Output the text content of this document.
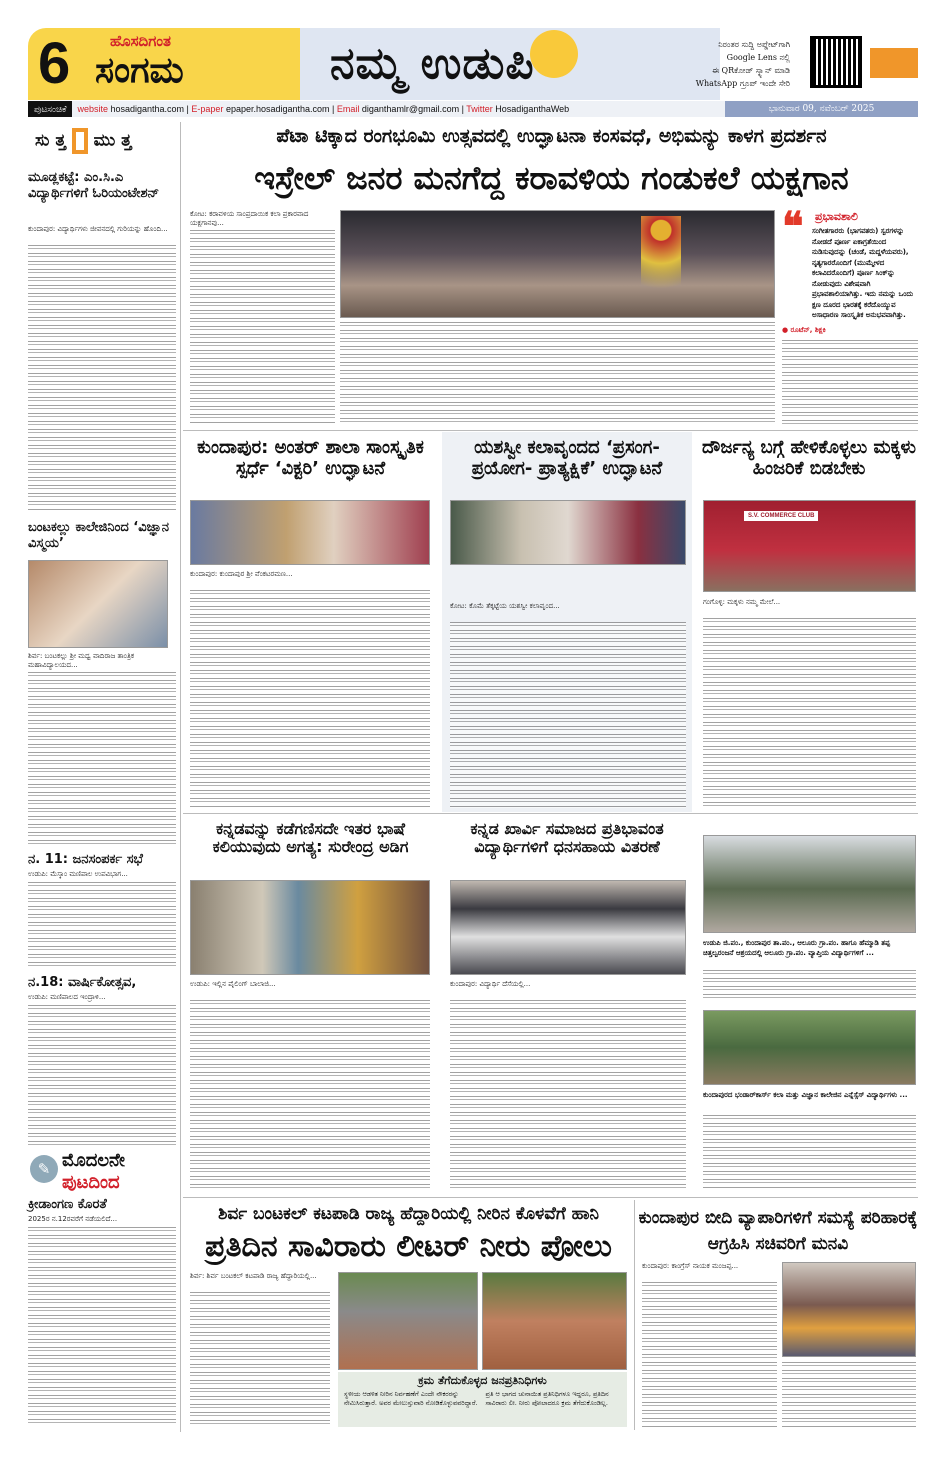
6	ಹೊಸದಿಗಂತ
ಸಂಗಮ	ನಮ್ಮ ಉಡುಪಿ	ನಿರಂತರ ಸುದ್ದಿ ಅಪ್ಡೇಟ್‌ಗಾಗಿ
Google Lens ನಲ್ಲಿ
ಈ QRಕೋಡ್ ಸ್ಕ್ಯಾನ್ ಮಾಡಿ
WhatsApp ಗ್ರೂಪ್ ಇಂದೇ ಸೇರಿ
ಪುಟಸಂಚಿಕೆ website hosadigantha.com | E-paper epaper.hosadigantha.com | Email diganthamlr@gmail.com | Twitter HosadiganthaWeb	ಭಾನುವಾರ 09, ನವೆಂಬರ್ 2025
ಸು ತ್ತ ಮು ತ್ತ
ಮೂಡ್ಲಕಟ್ಟೆ: ಎಂ.ಸಿ.ಎ ವಿದ್ಯಾರ್ಥಿಗಳಿಗೆ ಓರಿಯಂಟೇಶನ್
ಕುಂದಾಪುರ: ವಿದ್ಯಾರ್ಥಿಗಳು ಜೀವನದಲ್ಲಿ ಗುರಿಯನ್ನು ಹೊಂದಿ...
ಬಂಟಕಲ್ಲು ಕಾಲೇಜಿನಿಂದ ‘ವಿಜ್ಞಾನ ವಿಸ್ಮಯ’
ಶಿರ್ವ: ಬಂಟಕಲ್ಲು ಶ್ರೀ ಮಧ್ವ ವಾದಿರಾಜ ತಾಂತ್ರಿಕ ಮಹಾವಿದ್ಯಾಲಯದ...
ನ. 11: ಜನಸಂಪರ್ಕ ಸಭೆ
ಉಡುಪಿ: ಮೆಸ್ಕಾಂ ಮಣಿಪಾಲ ಉಪವಿಭಾಗ...
ನ.18: ವಾರ್ಷಿಕೋತ್ಸವ,
ಉಡುಪಿ: ಮಣಿಪಾಲದ ಇಂದ್ರಾಳಿ...
✎ ಮೊದಲನೇ
ಪುಟದಿಂದ
ಕ್ರೀಡಾಂಗಣ ಕೊರತೆ
2025ರ ನ.12ರವರೆಗೆ ನಡೆಯಲಿದೆ...
ಪೆಟಾ ಟಿಕ್ಕಾದ ರಂಗಭೂಮಿ ಉತ್ಸವದಲ್ಲಿ ಉದ್ಘಾಟನಾ ಕಂಸವಧೆ, ಅಭಿಮನ್ಯು ಕಾಳಗ ಪ್ರದರ್ಶನ
ಇಸ್ರೇಲ್ ಜನರ ಮನಗೆದ್ದ ಕರಾವಳಿಯ ಗಂಡುಕಲೆ ಯಕ್ಷಗಾನ
ಕೋಟ: ಕರಾವಳಿಯ ಸಾಂಪ್ರದಾಯಿಕ ಕಲಾ ಪ್ರಕಾರವಾದ ಯಕ್ಷಗಾನವು...	❝	ಪ್ರಭಾವಶಾಲಿ
ಸಂಗೀತಗಾರರು (ಭಾಗವತರು) ಸ್ವರಗಳನ್ನು ನೋಡದೆ ಪೂರ್ಣ ಏಕಾಗ್ರತೆಯಿಂದ ನುಡಿಸುವುದನ್ನು (ಚಂಡೆ, ಮದ್ದಳೆಯವರು), ನೃತ್ಯಗಾರರೊಂದಿಗೆ (ಮುಮ್ಮೇಳದ ಕಲಾವಿದರೊಂದಿಗೆ) ಪೂರ್ಣ ಸಿಂಕ್‌ನ್ನು ನೋಡುವುದು ವಿಶೇಷವಾಗಿ ಪ್ರಭಾವಶಾಲಿಯಾಗಿತ್ತು. ಇದು ನಮನ್ನು ಒಂದು ಕ್ಷಣ ದೂರದ ಭಾರತಕ್ಕೆ ಕರೆದೊಯ್ಯುವ ಅಸಾಧಾರಣ ಸಾಂಸ್ಕೃತಿಕ ಅನುಭವವಾಗಿತ್ತು.
● ರೂಟೆನ್, ಶಿಕ್ಷಕಿ
ಕುಂದಾಪುರ: ಅಂತರ್ ಶಾಲಾ ಸಾಂಸ್ಕೃತಿಕ ಸ್ಪರ್ಧೆ ‘ವಿಕ್ಟರಿ’ ಉದ್ಘಾಟನೆ
ಕುಂದಾಪುರ: ಕುಂದಾಪುರ ಶ್ರೀ ವೆಂಕಟರಮಣ...
ಯಶಸ್ವೀ ಕಲಾವೃಂದದ ‘ಪ್ರಸಂಗ-ಪ್ರಯೋಗ- ಪ್ರಾತ್ಯಕ್ಷಿಕೆ’ ಉದ್ಘಾಟನೆ
ಕೋಟ: ಕೊಮೆ ತೆಕ್ಕಟ್ಟೆಯ ಯಶಸ್ವೀ ಕಲಾವೃಂದ...
ದೌರ್ಜನ್ಯ ಬಗ್ಗೆ ಹೇಳಿಕೊಳ್ಳಲು ಮಕ್ಕಳು ಹಿಂಜರಿಕೆ ಬಿಡಬೇಕು
S.V. COMMERCE CLUB
ಗಂಗೊಳ್ಳಿ: ಮಕ್ಕಳು ನಮ್ಮ ಮೇಲೆ...
ಕನ್ನಡವನ್ನು ಕಡೆಗಣಿಸದೇ ಇತರ ಭಾಷೆ ಕಲಿಯುವುದು ಅಗತ್ಯ: ಸುರೇಂದ್ರ ಅಡಿಗ
ಉಡುಪಿ: ಇಲ್ಲಿನ ಪೈಲಿಂಗ್ ಬಾಲಾಜಿ...
ಕನ್ನಡ ಖಾರ್ವಿ ಸಮಾಜದ ಪ್ರತಿಭಾವಂತ ವಿದ್ಯಾರ್ಥಿಗಳಿಗೆ ಧನಸಹಾಯ ವಿತರಣೆ
ಕುಂದಾಪುರ: ವಿದ್ಯಾರ್ಥಿ ದೆಸೆಯಲ್ಲಿ...
ಉಡುಪಿ ಜಿ.ಪಂ., ಕುಂದಾಪುರ ತಾ.ಪಂ., ಆಲೂರು ಗ್ರಾ.ಪಂ. ಹಾಗೂ ಹೆಮ್ಮಾಡಿ ತಪ್ಪ ಚಿತ್ತಲ್ವರಂಜನೆ ಆಶ್ರಯದಲ್ಲಿ ಆಲೂರು ಗ್ರಾ.ಪಂ. ವ್ಯಾಪ್ತಿಯ ವಿದ್ಯಾರ್ಥಿಗಳಿಗೆ ...
ಕುಂದಾಪುರದ ಭಂಡಾರ್‌ಕಾರ್ಸ್ ಕಲಾ ಮತ್ತು ವಿಜ್ಞಾನ ಕಾಲೇಜಿನ ಎನ್ನೆಸ್ಸೆಸ್ ವಿದ್ಯಾರ್ಥಿಗಳು ...
ಶಿರ್ವ ಬಂಟಕಲ್ ಕಟಪಾಡಿ ರಾಜ್ಯ ಹೆದ್ದಾರಿಯಲ್ಲಿ ನೀರಿನ ಕೊಳವೆಗೆ ಹಾನಿ
ಪ್ರತಿದಿನ ಸಾವಿರಾರು ಲೀಟರ್ ನೀರು ಪೋಲು
ಶಿರ್ವ: ಶಿರ್ವ ಬಂಟಕಲ್ ಕಟಪಾಡಿ ರಾಜ್ಯ ಹೆದ್ದಾರಿಯಲ್ಲಿ...
ಕ್ರಮ ತೆಗೆದುಕೊಳ್ಳದ ಜನಪ್ರತಿನಿಧಿಗಳು
ಸ್ಥಳೀಯ ಆಡಳಿತ ನೀರಿನ ನಿರ್ವಹಣೆಗೆ ಎಂದೇ ನೌಕರರನ್ನು ನೇಮಿಸಿರುತ್ತಾರೆ. ಅವರ ಮೇಲುಸ್ತುವಾರಿ ನೋಡಿಕೊಳ್ಳುವವರಿದ್ದಾರೆ.
ಪ್ರತಿ ಆ ಭಾಗದ ಚುನಾಯಿತ ಪ್ರತಿನಿಧಿಗಳೂ ಇದ್ದರೂ, ಪ್ರತಿದಿನ ಸಾವಿರಾರು ಲೀ. ನೀರು ಪೋಲಾದರೂ ಕ್ರಮ ತೆಗೆದುಕೊಂಡಿಲ್ಲ.
ಕುಂದಾಪುರ ಬೀದಿ ವ್ಯಾಪಾರಿಗಳಿಗೆ ಸಮಸ್ಯೆ ಪರಿಹಾರಕ್ಕೆ ಆಗ್ರಹಿಸಿ ಸಚಿವರಿಗೆ ಮನವಿ
ಕುಂದಾಪುರ: ಕಾಂಗ್ರೆಸ್ ನಾಯಕ ಮಂಜಪ್ಪ...
